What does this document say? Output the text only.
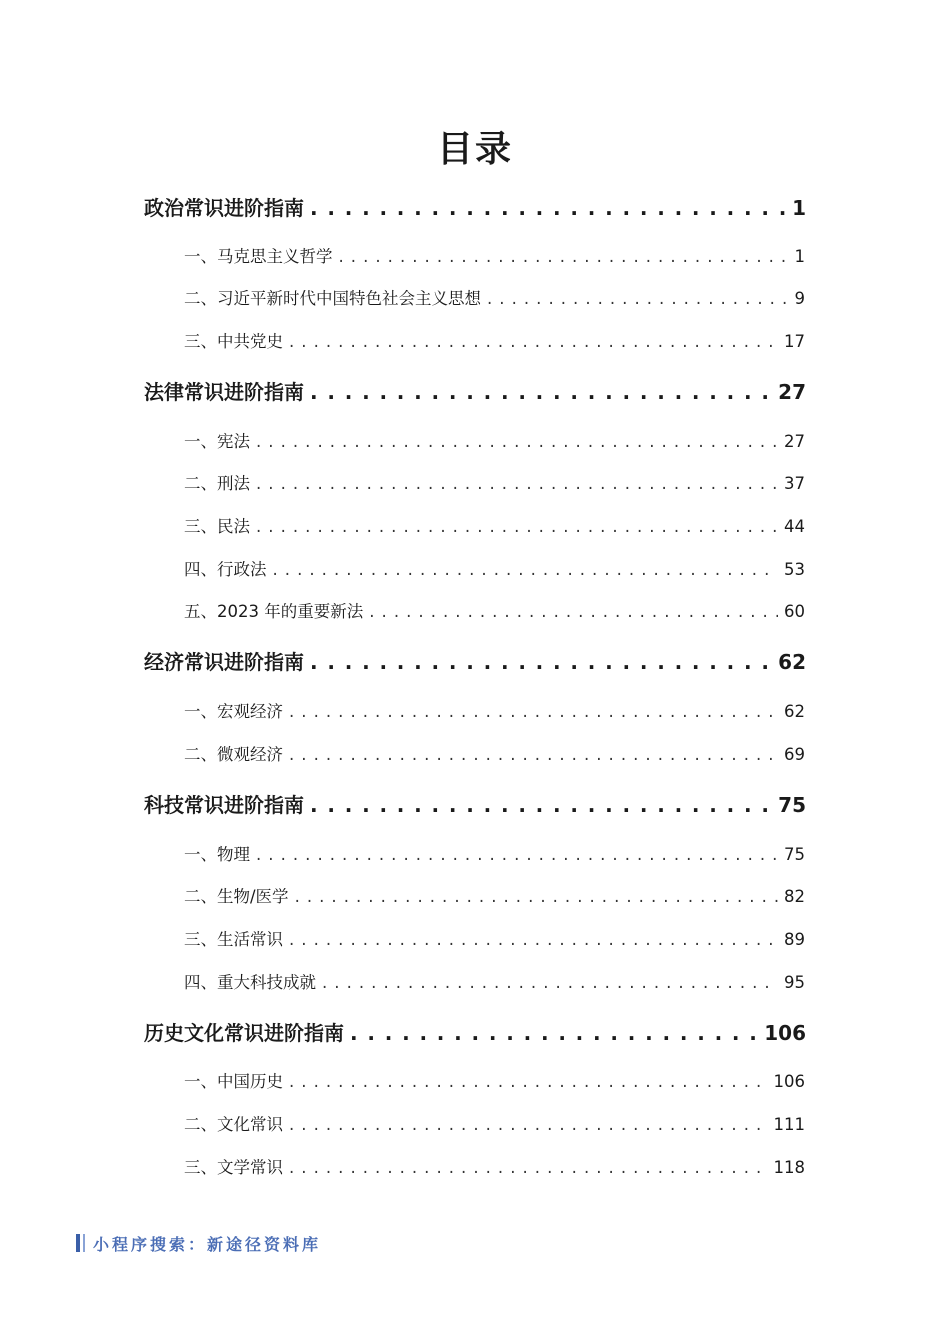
目录
政治常识进阶指南 . . .	1
一、马克思主义哲学 . . .	1
二、习近平新时代中国特色社会主义思想 . . .	9
三、中共党史 . . .	17
法律常识进阶指南 . . .	27
一、宪法 . . .	27
二、刑法 . . .	37
三、民法 . . .	44
四、行政法 . . .	53
五、2023 年的重要新法 . . .	60
经济常识进阶指南 . . .	62
一、宏观经济 . . .	62
二、微观经济 . . .	69
科技常识进阶指南 . . .	75
一、物理 . . .	75
二、生物/医学 . . .	82
三、生活常识 . . .	89
四、重大科技成就 . . .	95
历史文化常识进阶指南 . . .	106
一、中国历史 . . .	106
二、文化常识 . . .	111
三、文学常识 . . .	118
小程序搜索：新途径资料库
